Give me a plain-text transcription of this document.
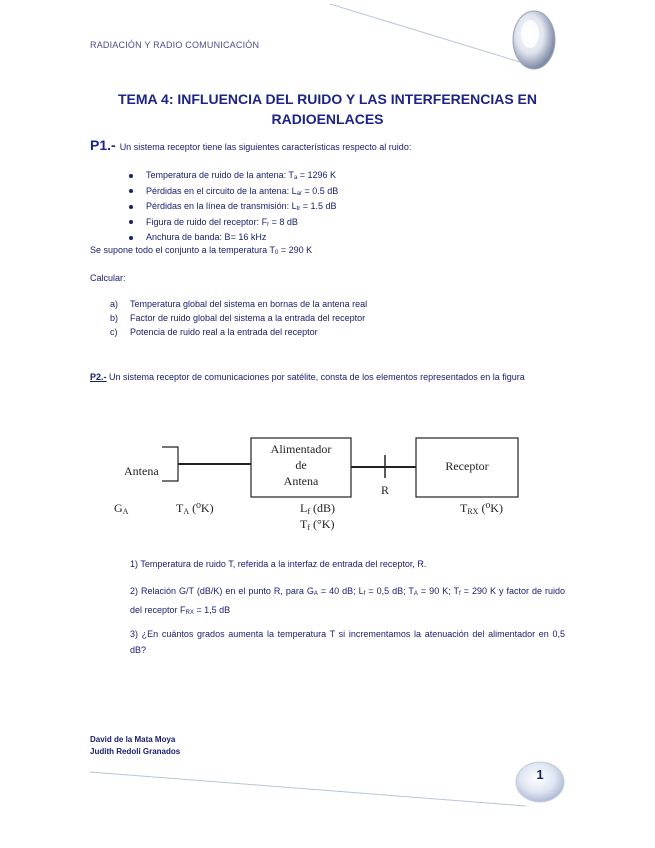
RADIACIÓN Y RADIO COMUNICACIÓN
TEMA 4: INFLUENCIA DEL RUIDO Y LAS INTERFERENCIAS EN
RADIOENLACES
P1.- Un sistema receptor tiene las siguientes características respecto al ruido:
Temperatura de ruido de la antena: $T_a = 1296$ K
Pérdidas en el circuito de la antena: $L_{ar} = 0.5$ dB
Pérdidas en la línea de transmisión: $L_{tr} = 1.5$ dB
Figura de ruido del receptor: $F_r = 8$ dB
Anchura de banda: B= 16 kHz
Se supone todo el conjunto a la temperatura $T_0 = 290$ K
Calcular:
a) Temperatura global del sistema en bornas de la antena real
b) Factor de ruido global del sistema a la entrada del receptor
c) Potencia de ruido real a la entrada del receptor
P2.- Un sistema receptor de comunicaciones por satélite, consta de los elementos representados en la figura
Antena
Alimentador
de
Antena
R
Receptor
GA	TA (⁰K)	Lf (dB)
Tf (°K)
TRX (⁰K)
1) Temperatura de ruido T, referida a la interfaz de entrada del receptor, R.
2) Relación G/T (dB/K) en el punto R, para $G_A = 40$ dB; $L_f = 0,5$ dB; $T_A = 90$ K; $T_f = 290$ K y factor de ruido del receptor $F_{RX} = 1,5$ dB
3) ¿En cuántos grados aumenta la temperatura T si incrementamos la atenuación del alimentador en 0,5 dB?
David de la Mata Moya
Judith Redoli Granados
1
